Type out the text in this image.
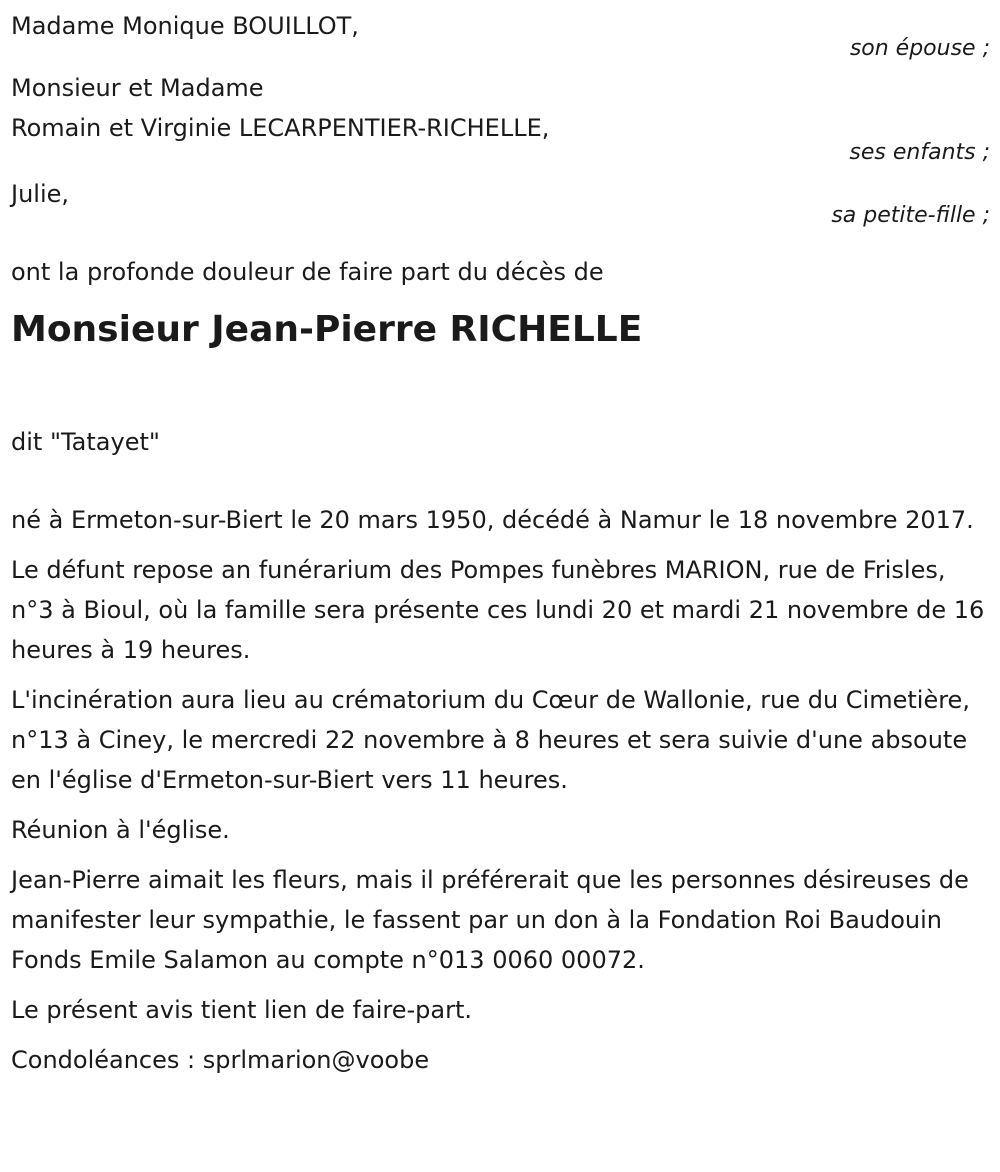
Madame Monique BOUILLOT,
son épouse ;
Monsieur et Madame
Romain et Virginie LECARPENTIER-RICHELLE,
ses enfants ;
Julie,
sa petite-fille ;
ont la profonde douleur de faire part du décès de
Monsieur Jean-Pierre RICHELLE
dit "Tatayet"

né à Ermeton-sur-Biert le 20 mars 1950, décédé à Namur le 18 novembre 2017.

Le défunt repose an funérarium des Pompes funèbres MARION, rue de Frisles, n°3 à Bioul, où la famille sera présente ces lundi 20 et mardi 21 novembre de 16 heures à 19 heures.

L'incinération aura lieu au crématorium du Cœur de Wallonie, rue du Cimetière, n°13 à Ciney, le mercredi 22 novembre à 8 heures et sera suivie d'une absoute en l'église d'Ermeton-sur-Biert vers 11 heures.

Réunion à l'église.

Jean-Pierre aimait les fleurs, mais il préférerait que les personnes désireuses de manifester leur sympathie, le fassent par un don à la Fondation Roi Baudouin Fonds Emile Salamon au compte n°013 0060 00072.

Le présent avis tient lien de faire-part.

Condoléances : sprlmarion@voobe
